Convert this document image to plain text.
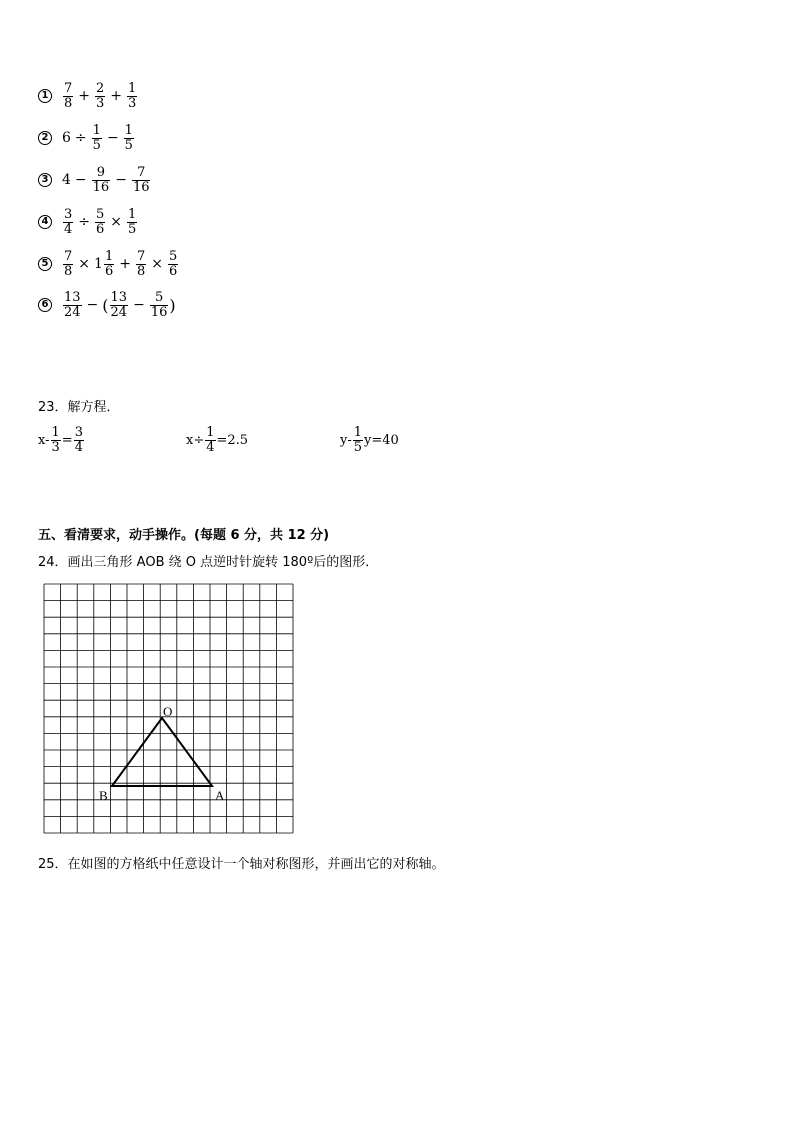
$1 \frac{7}{8} + \frac{2}{3} + \frac{1}{3}$
2 $6 \div \frac{1}{5} - \frac{1}{5}$
3 $4 - \frac{9}{16} - \frac{7}{16}$
$4 \frac{3}{4} \div \frac{5}{6} \times \frac{1}{5}$
$5 \frac{7}{8} \times 1 \frac{1}{6} + \frac{7}{8} \times \frac{5}{6}$
$6 \frac{13}{24}$ − ( $\frac{13}{24} - \frac{5}{16}$ )
23．解方程．
$x- \frac{1}{3} = \frac{3}{4}$	$x\div \frac{1}{4} =2.5$	$y- \frac{1}{5} y=40$
五、看清要求，动手操作。(每题 6 分，共 12 分)
24．画出三角形 AOB 绕 O 点逆时针旋转 180º后的图形．
O
B	A
25．在如图的方格纸中任意设计一个轴对称图形，并画出它的对称轴。
